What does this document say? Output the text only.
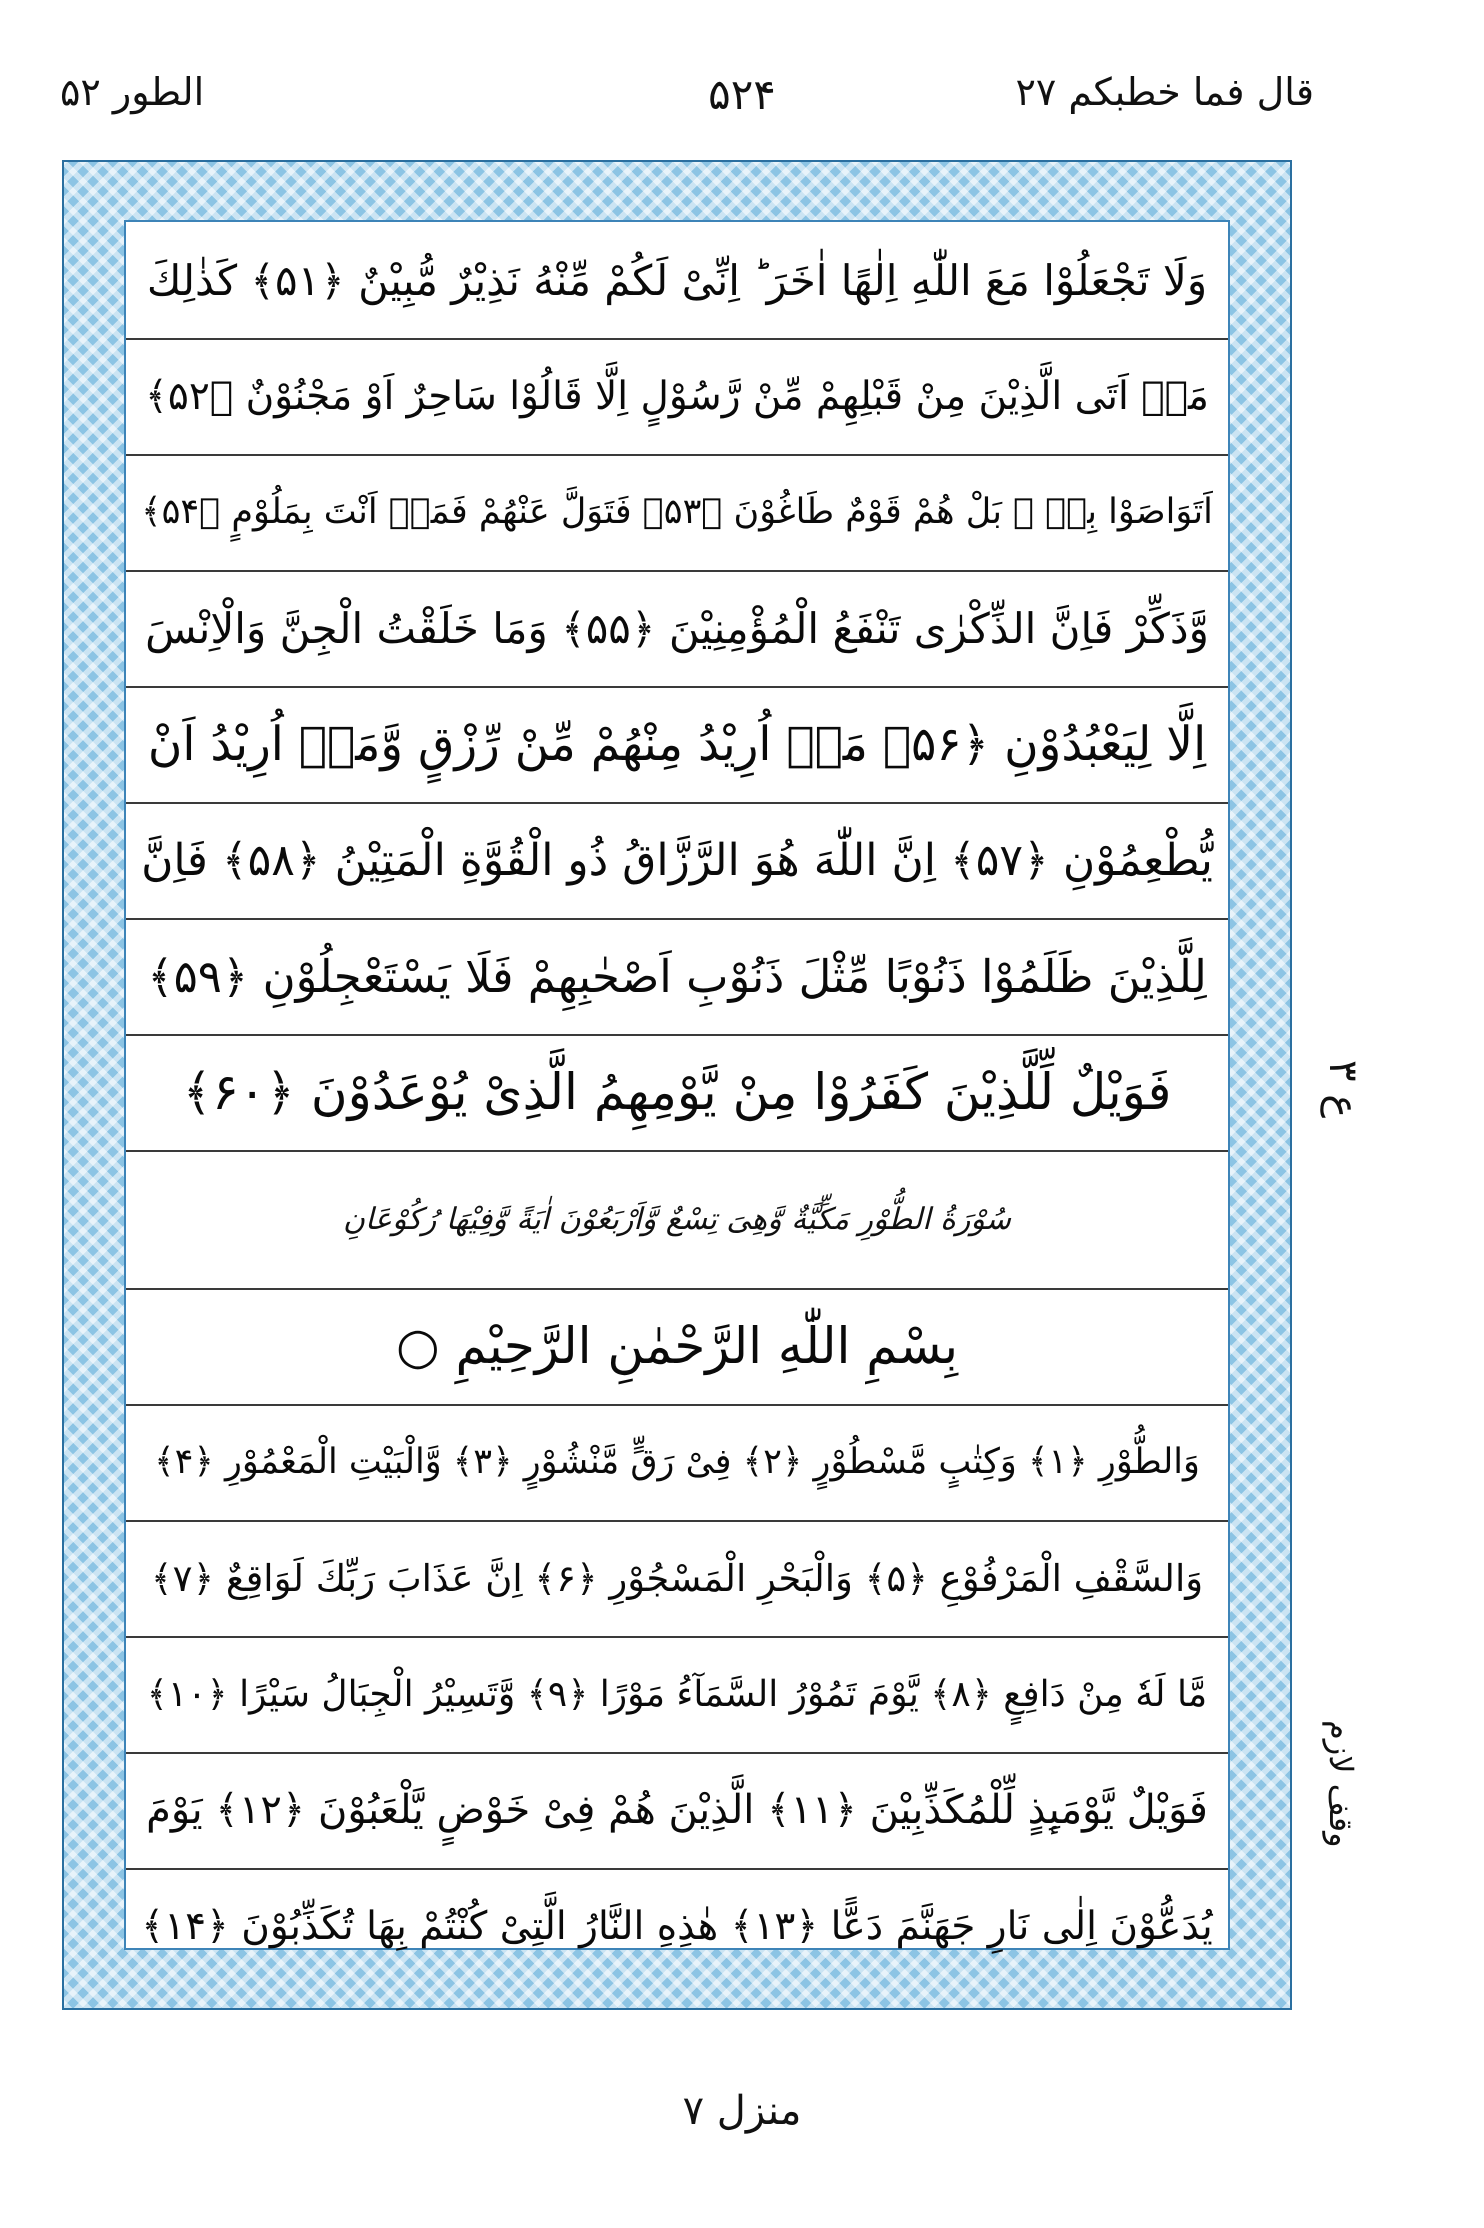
قال فما خطبکم ۲۷
۵۲۴
الطور ۵۲
وَلَا تَجْعَلُوْا مَعَ اللّٰهِ اِلٰهًا اٰخَرَ ؕ اِنِّیْ لَكُمْ مِّنْهُ نَذِیْرٌ مُّبِیْنٌ ﴿۵۱﴾ كَذٰلِكَ
مَاۤ اَتَى الَّذِیْنَ مِنْ قَبْلِهِمْ مِّنْ رَّسُوْلٍ اِلَّا قَالُوْا سَاحِرٌ اَوْ مَجْنُوْنٌ ﴿۵۲﴾
اَتَوَاصَوْا بِهٖ ۚ بَلْ هُمْ قَوْمٌ طَاغُوْنَ ﴿۵۳﴾ فَتَوَلَّ عَنْهُمْ فَمَاۤ اَنْتَ بِمَلُوْمٍ ﴿۵۴﴾
وَّذَكِّرْ فَاِنَّ الذِّكْرٰى تَنْفَعُ الْمُؤْمِنِیْنَ ﴿۵۵﴾ وَمَا خَلَقْتُ الْجِنَّ وَالْاِنْسَ
اِلَّا لِیَعْبُدُوْنِ ﴿۵۶﴾ مَاۤ اُرِیْدُ مِنْهُمْ مِّنْ رِّزْقٍ وَّمَاۤ اُرِیْدُ اَنْ
یُّطْعِمُوْنِ ﴿۵۷﴾ اِنَّ اللّٰهَ هُوَ الرَّزَّاقُ ذُو الْقُوَّةِ الْمَتِیْنُ ﴿۵۸﴾ فَاِنَّ
لِلَّذِیْنَ ظَلَمُوْا ذَنُوْبًا مِّثْلَ ذَنُوْبِ اَصْحٰبِهِمْ فَلَا یَسْتَعْجِلُوْنِ ﴿۵۹﴾
فَوَیْلٌ لِّلَّذِیْنَ كَفَرُوْا مِنْ یَّوْمِهِمُ الَّذِیْ یُوْعَدُوْنَ ﴿۶۰﴾
سُوْرَةُ الطُّوْرِ مَكِّیَّةٌ وَّهِیَ تِسْعٌ وَّاَرْبَعُوْنَ اٰیَةً وَّفِیْهَا رُكُوْعَانِ
بِسْمِ اللّٰهِ الرَّحْمٰنِ الرَّحِیْمِ ○
وَالطُّوْرِ ﴿۱﴾ وَكِتٰبٍ مَّسْطُوْرٍ ﴿۲﴾ فِیْ رَقٍّ مَّنْشُوْرٍ ﴿۳﴾ وَّالْبَیْتِ الْمَعْمُوْرِ ﴿۴﴾
وَالسَّقْفِ الْمَرْفُوْعِ ﴿۵﴾ وَالْبَحْرِ الْمَسْجُوْرِ ﴿۶﴾ اِنَّ عَذَابَ رَبِّكَ لَوَاقِعٌ ﴿۷﴾
مَّا لَهٗ مِنْ دَافِعٍ ﴿۸﴾ یَّوْمَ تَمُوْرُ السَّمَآءُ مَوْرًا ﴿۹﴾ وَّتَسِیْرُ الْجِبَالُ سَیْرًا ﴿۱۰﴾
فَوَیْلٌ یَّوْمَىِٕذٍ لِّلْمُكَذِّبِیْنَ ﴿۱۱﴾ الَّذِیْنَ هُمْ فِیْ خَوْضٍ یَّلْعَبُوْنَ ﴿۱۲﴾ یَوْمَ
یُدَعُّوْنَ اِلٰى نَارِ جَهَنَّمَ دَعًّا ﴿۱۳﴾ هٰذِهِ النَّارُ الَّتِیْ كُنْتُمْ بِهَا تُكَذِّبُوْنَ ﴿۱۴﴾
ع ۳
وقف لازم
منزل ۷
